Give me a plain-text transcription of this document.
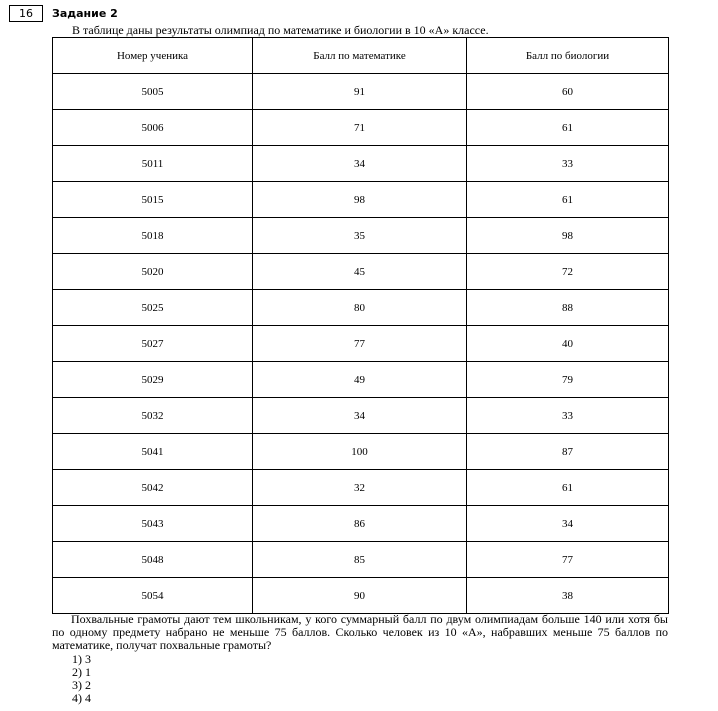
16	Задание 2
В таблице даны результаты олимпиад по математике и биологии в 10 «А» классе.
Номер ученика	Балл по математике	Балл по биологии
5005	91	60
5006	71	61
5011	34	33
5015	98	61
5018	35	98
5020	45	72
5025	80	88
5027	77	40
5029	49	79
5032	34	33
5041	100	87
5042	32	61
5043	86	34
5048	85	77
5054	90	38
Похвальные грамоты дают тем школьникам, у кого суммарный балл по двум олимпиадам больше 140 или хотя бы по одному предмету набрано не меньше 75 баллов. Сколько человек из 10 «А», набравших меньше 75 баллов по математике, получат похвальные грамоты?
1) 3
2) 1
3) 2
4) 4
